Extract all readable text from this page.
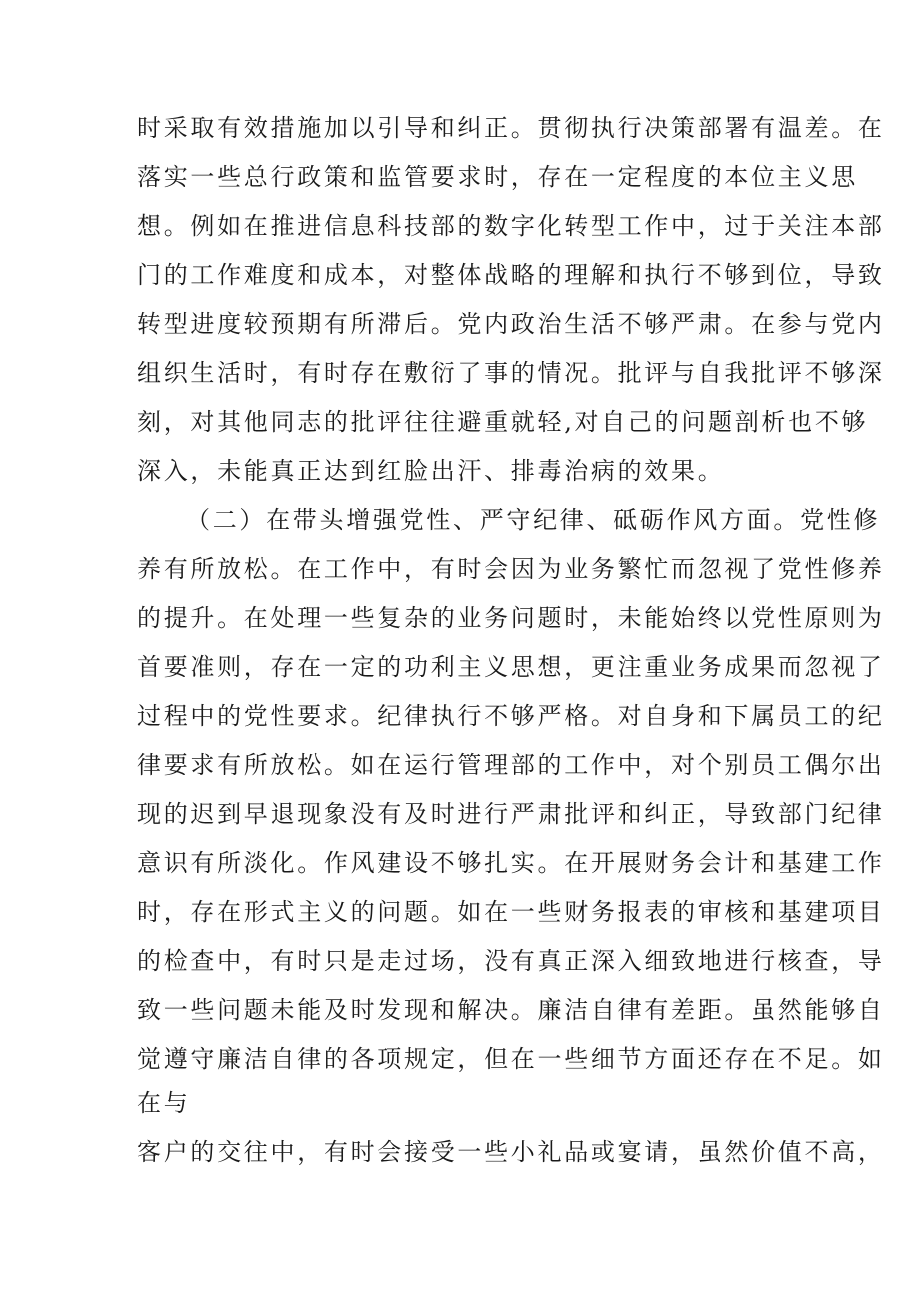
时采取有效措施加以引导和纠正。贯彻执行决策部署有温差。在

落实一些总行政策和监管要求时，存在一定程度的本位主义思

想。例如在推进信息科技部的数字化转型工作中，过于关注本部

门的工作难度和成本，对整体战略的理解和执行不够到位，导致

转型进度较预期有所滞后。党内政治生活不够严肃。在参与党内

组织生活时，有时存在敷衍了事的情况。批评与自我批评不够深

刻，对其他同志的批评往往避重就轻,对自己的问题剖析也不够

深入，未能真正达到红脸出汗、排毒治病的效果。

（二）在带头增强党性、严守纪律、砥砺作风方面。党性修

养有所放松。在工作中，有时会因为业务繁忙而忽视了党性修养

的提升。在处理一些复杂的业务问题时，未能始终以党性原则为

首要准则，存在一定的功利主义思想，更注重业务成果而忽视了

过程中的党性要求。纪律执行不够严格。对自身和下属员工的纪

律要求有所放松。如在运行管理部的工作中，对个别员工偶尔出

现的迟到早退现象没有及时进行严肃批评和纠正，导致部门纪律

意识有所淡化。作风建设不够扎实。在开展财务会计和基建工作

时，存在形式主义的问题。如在一些财务报表的审核和基建项目

的检查中，有时只是走过场，没有真正深入细致地进行核查，导

致一些问题未能及时发现和解决。廉洁自律有差距。虽然能够自

觉遵守廉洁自律的各项规定，但在一些细节方面还存在不足。如

在与

客户的交往中，有时会接受一些小礼品或宴请，虽然价值不高，
